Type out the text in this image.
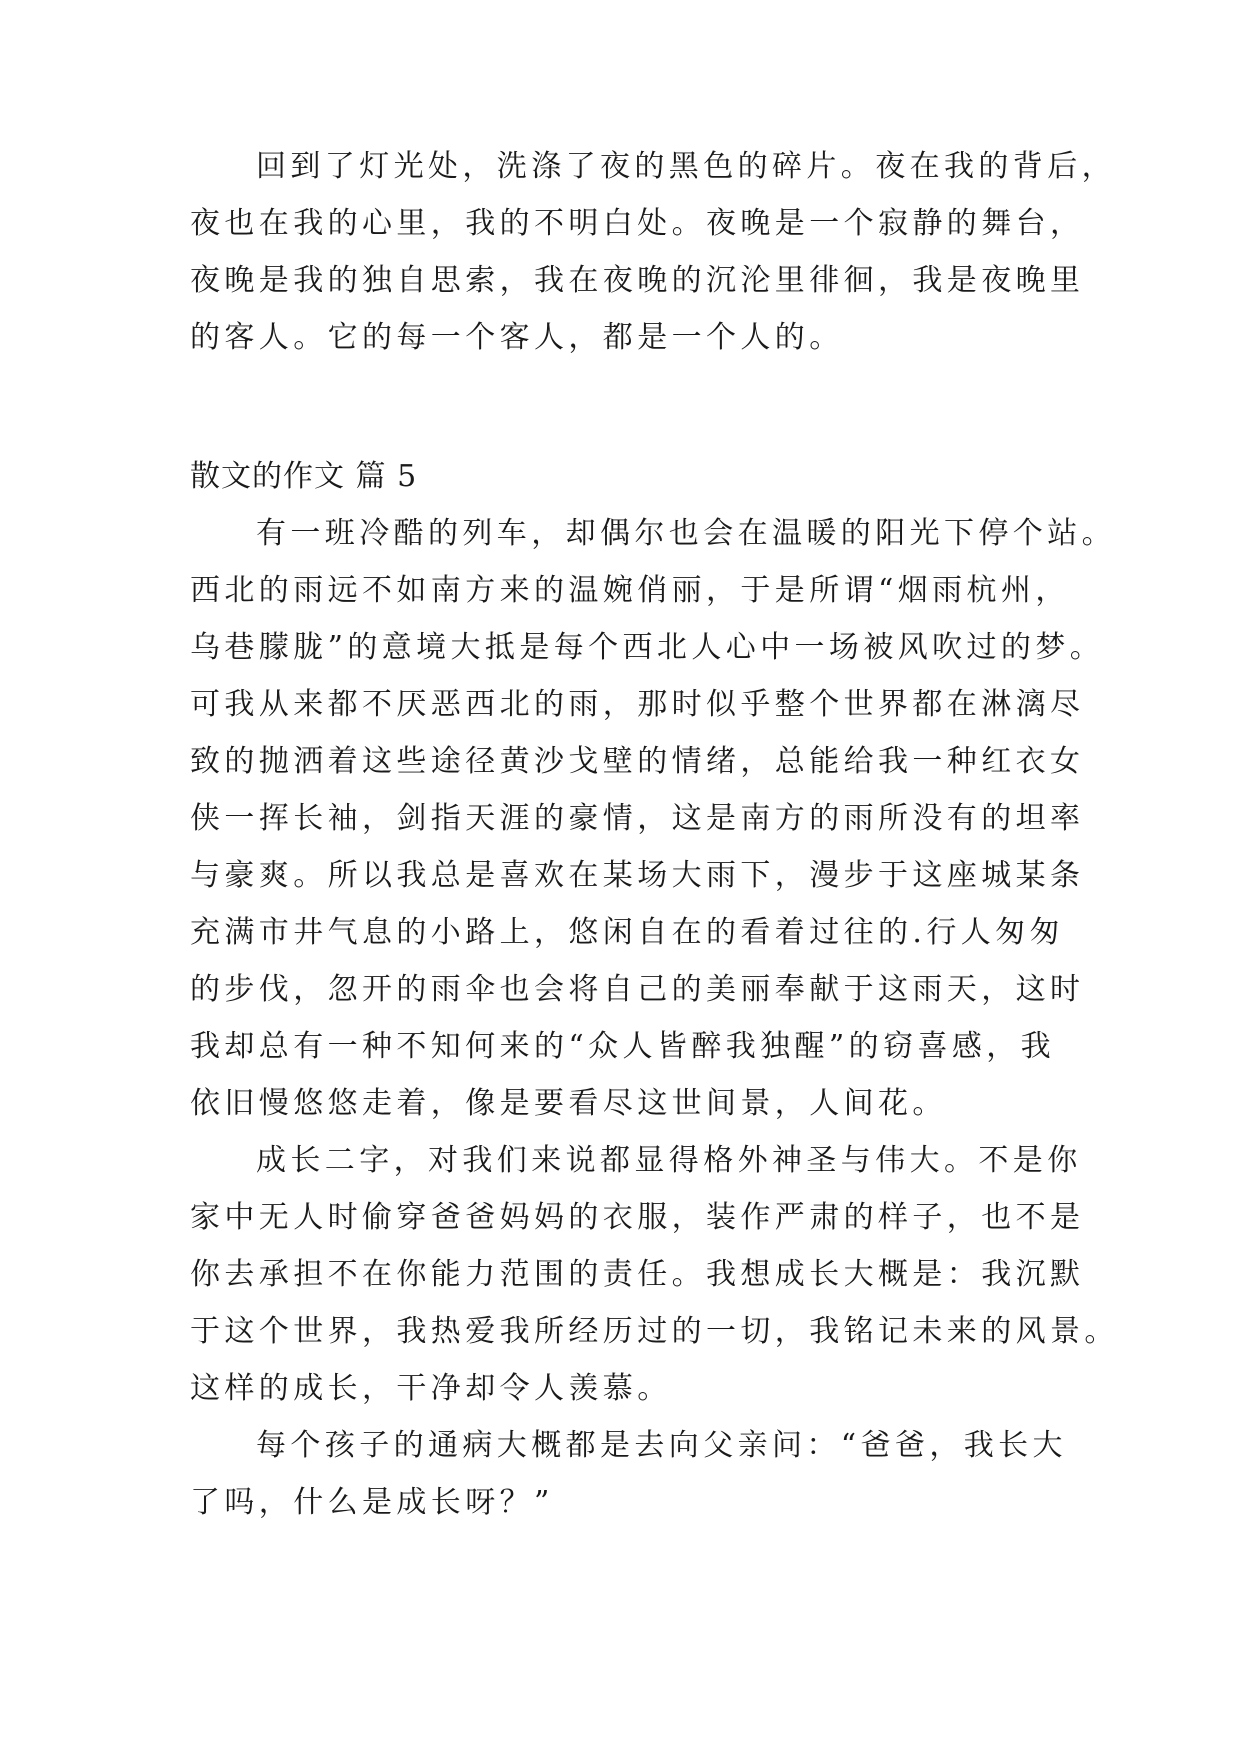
回到了灯光处，洗涤了夜的黑色的碎片。夜在我的背后，
夜也在我的心里，我的不明白处。夜晚是一个寂静的舞台，
夜晚是我的独自思索，我在夜晚的沉沦里徘徊，我是夜晚里
的客人。它的每一个客人，都是一个人的。
散文的作文 篇 5
有一班冷酷的列车，却偶尔也会在温暖的阳光下停个站。
西北的雨远不如南方来的温婉俏丽，于是所谓“烟雨杭州，
乌巷朦胧”的意境大抵是每个西北人心中一场被风吹过的梦。
可我从来都不厌恶西北的雨，那时似乎整个世界都在淋漓尽
致的抛洒着这些途径黄沙戈壁的情绪，总能给我一种红衣女
侠一挥长袖，剑指天涯的豪情，这是南方的雨所没有的坦率
与豪爽。所以我总是喜欢在某场大雨下，漫步于这座城某条
充满市井气息的小路上，悠闲自在的看着过往的.行人匆匆
的步伐，忽开的雨伞也会将自己的美丽奉献于这雨天，这时
我却总有一种不知何来的“众人皆醉我独醒”的窃喜感，我
依旧慢悠悠走着，像是要看尽这世间景，人间花。
成长二字，对我们来说都显得格外神圣与伟大。不是你
家中无人时偷穿爸爸妈妈的衣服，装作严肃的样子，也不是
你去承担不在你能力范围的责任。我想成长大概是：我沉默
于这个世界，我热爱我所经历过的一切，我铭记未来的风景。
这样的成长，干净却令人羡慕。
每个孩子的通病大概都是去向父亲问：“爸爸，我长大
了吗，什么是成长呀？”
